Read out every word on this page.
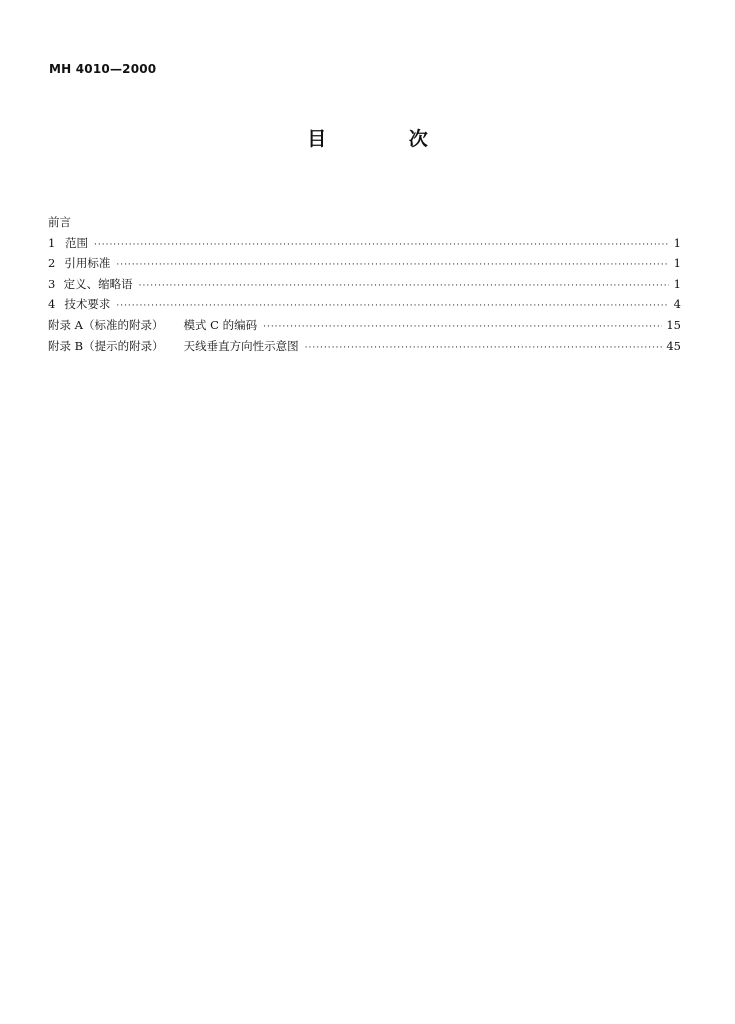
MH 4010—2000
目 次
前言
1 范围 ·····	1
2 引用标准 ·····	1
3 定义、缩略语 ·····	1
4 技术要求 ·····	4
附录 A（标准的附录） 模式 C 的编码 ·····	15
附录 B（提示的附录） 天线垂直方向性示意图 ·····	45
